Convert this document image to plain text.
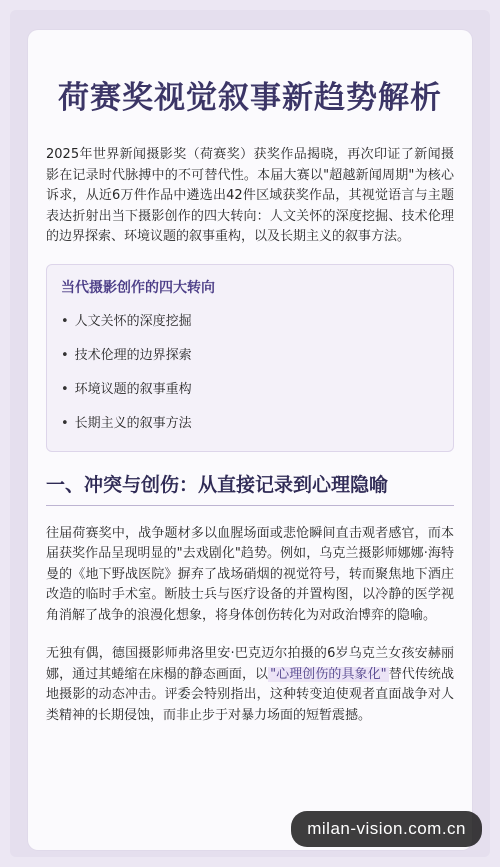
荷赛奖视觉叙事新趋势解析
2025年世界新闻摄影奖（荷赛奖）获奖作品揭晓，再次印证了新闻摄影在记录时代脉搏中的不可替代性。本届大赛以"超越新闻周期"为核心诉求，从近6万件作品中遴选出42件区域获奖作品，其视觉语言与主题表达折射出当下摄影创作的四大转向：人文关怀的深度挖掘、技术伦理的边界探索、环境议题的叙事重构，以及长期主义的叙事方法。
当代摄影创作的四大转向
• 人文关怀的深度挖掘
• 技术伦理的边界探索
• 环境议题的叙事重构
• 长期主义的叙事方法
一、冲突与创伤：从直接记录到心理隐喻
往届荷赛奖中，战争题材多以血腥场面或悲怆瞬间直击观者感官，而本届获奖作品呈现明显的"去戏剧化"趋势。例如，乌克兰摄影师娜娜·海特曼的《地下野战医院》摒弃了战场硝烟的视觉符号，转而聚焦地下酒庄改造的临时手术室。断肢士兵与医疗设备的并置构图，以冷静的医学视角消解了战争的浪漫化想象，将身体创伤转化为对政治博弈的隐喻。
无独有偶，德国摄影师弗洛里安·巴克迈尔拍摄的6岁乌克兰女孩安赫丽娜，通过其蜷缩在床榻的静态画面，以 "心理创伤的具象化" 替代传统战地摄影的动态冲击。评委会特别指出，这种转变迫使观者直面战争对人类精神的长期侵蚀，而非止步于对暴力场面的短暂震撼。
milan-vision.com.cn
